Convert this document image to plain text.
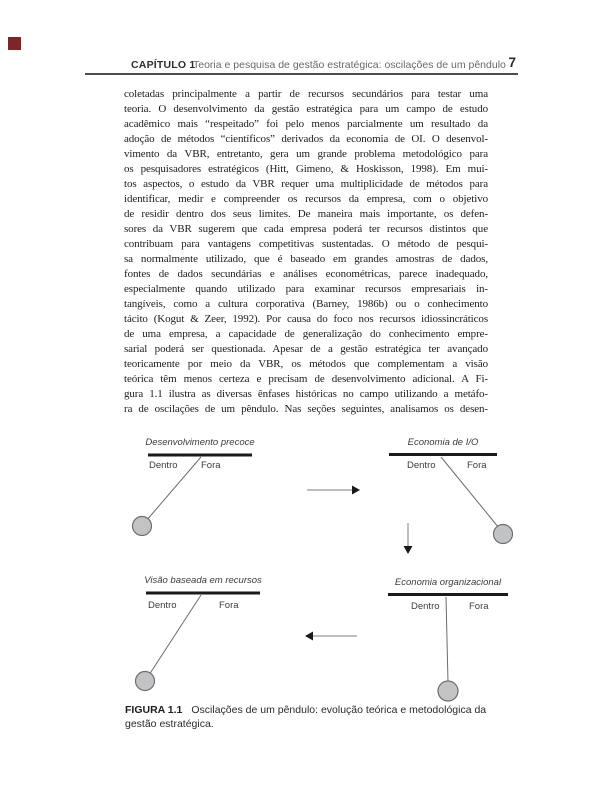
CAPÍTULO 1
Teoria e pesquisa de gestão estratégica: oscilações de um pêndulo 7
coletadas principalmente a partir de recursos secundários para testar uma
teoria. O desenvolvimento da gestão estratégica para um campo de estudo
acadêmico mais “respeitado” foi pelo menos parcialmente um resultado da
adoção de métodos “científicos” derivados da economia de OI. O desenvol-
vimento da VBR, entretanto, gera um grande problema metodológico para
os pesquisadores estratégicos (Hitt, Gimeno, & Hoskisson, 1998). Em mui-
tos aspectos, o estudo da VBR requer uma multiplicidade de métodos para
identificar, medir e compreender os recursos da empresa, com o objetivo
de residir dentro dos seus limites. De maneira mais importante, os defen-
sores da VBR sugerem que cada empresa poderá ter recursos distintos que
contribuam para vantagens competitivas sustentadas. O método de pesqui-
sa normalmente utilizado, que é baseado em grandes amostras de dados,
fontes de dados secundárias e análises econométricas, parece inadequado,
especialmente quando utilizado para examinar recursos empresariais in-
tangíveis, como a cultura corporativa (Barney, 1986b) ou o conhecimento
tácito (Kogut & Zeer, 1992). Por causa do foco nos recursos idiossincráticos
de uma empresa, a capacidade de generalização do conhecimento empre-
sarial poderá ser questionada. Apesar de a gestão estratégica ter avançado
teoricamente por meio da VBR, os métodos que complementam a visão
teórica têm menos certeza e precisam de desenvolvimento adicional. A Fi-
gura 1.1 ilustra as diversas ênfases históricas no campo utilizando a metáfo-
ra de oscilações de um pêndulo. Nas seções seguintes, analisamos os desen-
Desenvolvimento precoce	Economia de I/O
Visão baseada em recursos	Economia organizacional
Dentro Fora	Dentro	Fora
Dentro	Fora	Dentro	Fora
FIGURA 1.1 Oscilações de um pêndulo: evolução teórica e metodológica da
gestão estratégica.
